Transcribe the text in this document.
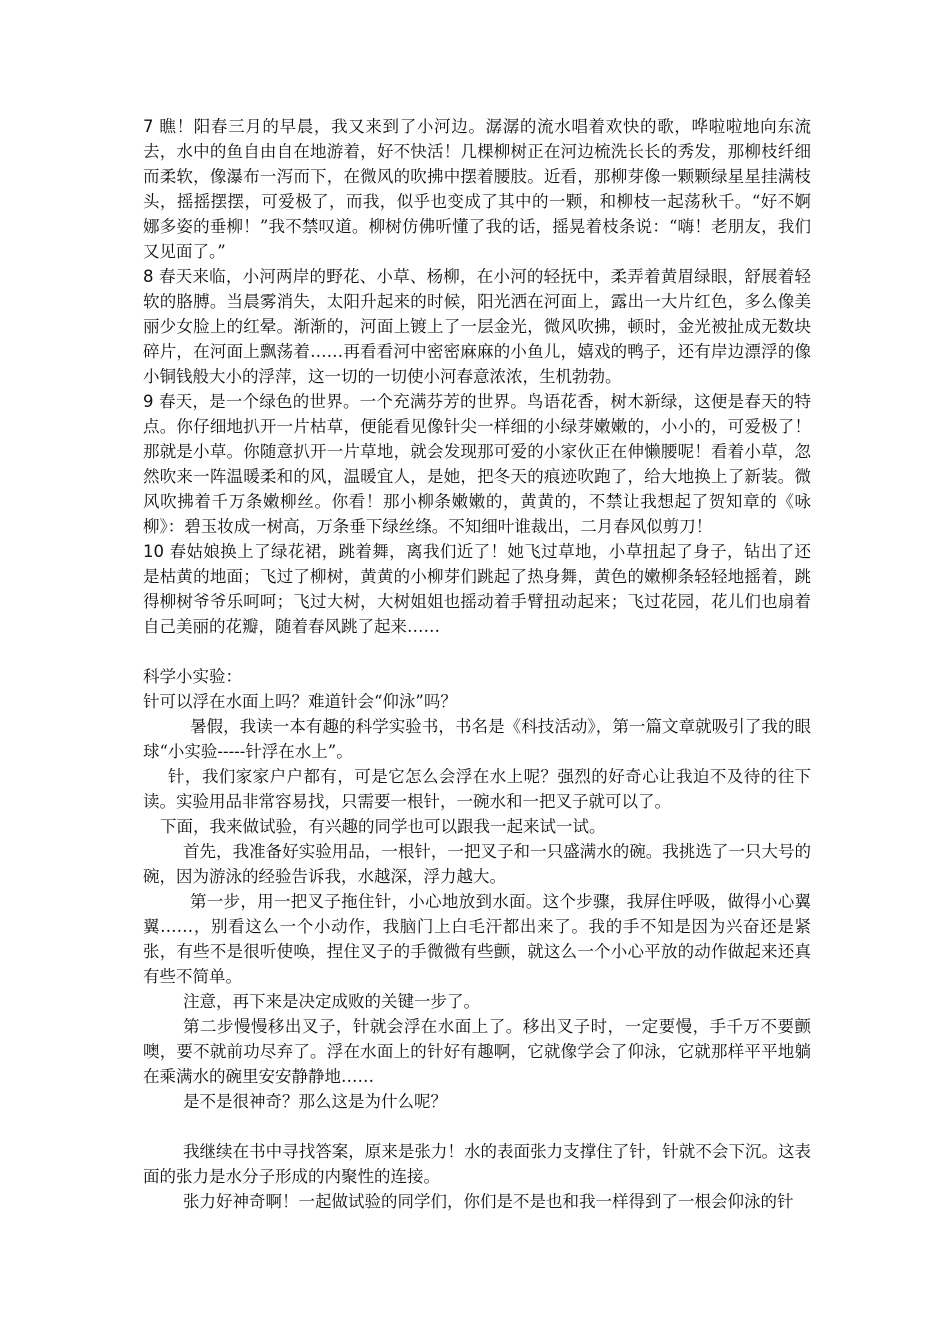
7 瞧！阳春三月的早晨，我又来到了小河边。潺潺的流水唱着欢快的歌，哗啦啦地向东流去，水中的鱼自由自在地游着，好不快活！几棵柳树正在河边梳洗长长的秀发，那柳枝纤细而柔软，像瀑布一泻而下，在微风的吹拂中摆着腰肢。近看，那柳芽像一颗颗绿星星挂满枝头，摇摇摆摆，可爱极了，而我，似乎也变成了其中的一颗，和柳枝一起荡秋千。“好不婀娜多姿的垂柳！”我不禁叹道。柳树仿佛听懂了我的话，摇晃着枝条说：“嗨！老朋友，我们又见面了。”

8 春天来临，小河两岸的野花、小草、杨柳，在小河的轻抚中，柔弄着黄眉绿眼，舒展着轻软的胳膊。当晨雾消失，太阳升起来的时候，阳光洒在河面上，露出一大片红色，多么像美丽少女脸上的红晕。渐渐的，河面上镀上了一层金光，微风吹拂，顿时，金光被扯成无数块碎片，在河面上飘荡着……再看看河中密密麻麻的小鱼儿，嬉戏的鸭子，还有岸边漂浮的像小铜钱般大小的浮萍，这一切的一切使小河春意浓浓，生机勃勃。

9 春天，是一个绿色的世界。一个充满芬芳的世界。鸟语花香，树木新绿，这便是春天的特点。你仔细地扒开一片枯草，便能看见像针尖一样细的小绿芽嫩嫩的，小小的，可爱极了！那就是小草。你随意扒开一片草地，就会发现那可爱的小家伙正在伸懒腰呢！看着小草，忽然吹来一阵温暖柔和的风，温暖宜人，是她，把冬天的痕迹吹跑了，给大地换上了新装。微风吹拂着千万条嫩柳丝。你看！那小柳条嫩嫩的，黄黄的，不禁让我想起了贺知章的《咏柳》：碧玉妆成一树高，万条垂下绿丝绦。不知细叶谁裁出，二月春风似剪刀！

10 春姑娘换上了绿花裙，跳着舞，离我们近了！她飞过草地，小草扭起了身子，钻出了还是枯黄的地面；飞过了柳树，黄黄的小柳芽们跳起了热身舞，黄色的嫩柳条轻轻地摇着，跳得柳树爷爷乐呵呵；飞过大树，大树姐姐也摇动着手臂扭动起来；飞过花园，花儿们也扇着自己美丽的花瓣，随着春风跳了起来……

科学小实验：

针可以浮在水面上吗？难道针会“仰泳”吗？

暑假，我读一本有趣的科学实验书，书名是《科技活动》，第一篇文章就吸引了我的眼球“小实验-----针浮在水上”。

针，我们家家户户都有，可是它怎么会浮在水上呢？强烈的好奇心让我迫不及待的往下读。实验用品非常容易找，只需要一根针，一碗水和一把叉子就可以了。

下面，我来做试验，有兴趣的同学也可以跟我一起来试一试。

首先，我准备好实验用品，一根针，一把叉子和一只盛满水的碗。我挑选了一只大号的碗，因为游泳的经验告诉我，水越深，浮力越大。

第一步，用一把叉子拖住针，小心地放到水面。这个步骤，我屏住呼吸，做得小心翼翼……，别看这么一个小动作，我脑门上白毛汗都出来了。我的手不知是因为兴奋还是紧张，有些不是很听使唤，捏住叉子的手微微有些颤，就这么一个小心平放的动作做起来还真有些不简单。

注意，再下来是决定成败的关键一步了。

第二步慢慢移出叉子，针就会浮在水面上了。移出叉子时，一定要慢，手千万不要颤噢，要不就前功尽弃了。浮在水面上的针好有趣啊，它就像学会了仰泳，它就那样平平地躺在乘满水的碗里安安静静地……

是不是很神奇？那么这是为什么呢？

我继续在书中寻找答案，原来是张力！水的表面张力支撑住了针，针就不会下沉。这表面的张力是水分子形成的内聚性的连接。

张力好神奇啊！一起做试验的同学们，你们是不是也和我一样得到了一根会仰泳的针
